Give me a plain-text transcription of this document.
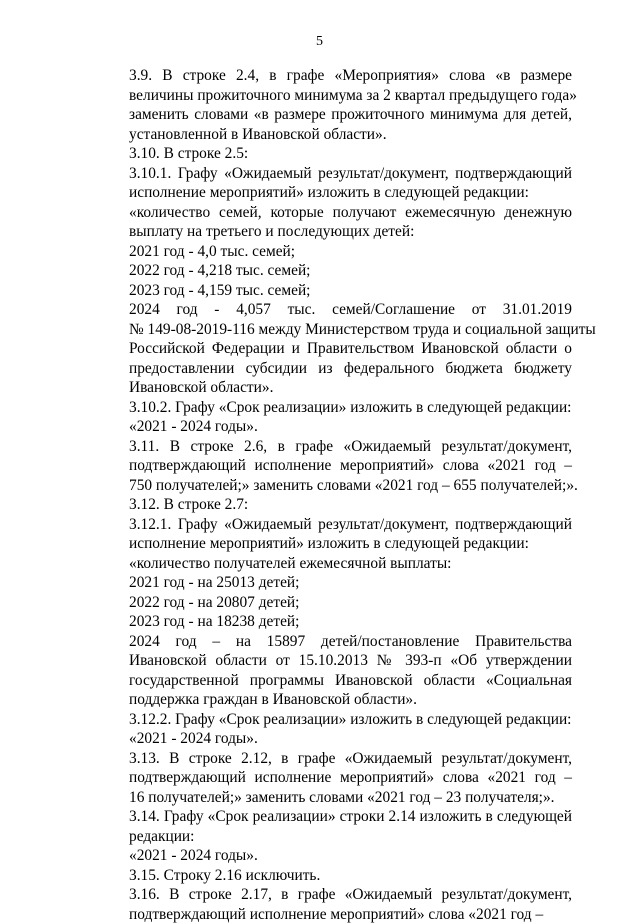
5
3.9. В строке 2.4, в графе «Мероприятия» слова «в размере
величины прожиточного минимума за 2 квартал предыдущего года»
заменить словами «в размере прожиточного минимума для детей,
установленной в Ивановской области».
3.10. В строке 2.5:
3.10.1. Графу «Ожидаемый результат/документ, подтверждающий
исполнение мероприятий» изложить в следующей редакции:
«количество семей, которые получают ежемесячную денежную
выплату на третьего и последующих детей:
2021 год - 4,0 тыс. семей;
2022 год - 4,218 тыс. семей;
2023 год - 4,159 тыс. семей;
2024 год - 4,057 тыс. семей/Соглашение от 31.01.2019
№ 149-08-2019-116 между Министерством труда и социальной защиты
Российской Федерации и Правительством Ивановской области о
предоставлении субсидии из федерального бюджета бюджету
Ивановской области».
3.10.2. Графу «Срок реализации» изложить в следующей редакции:
«2021 - 2024 годы».
3.11. В строке 2.6, в графе «Ожидаемый результат/документ,
подтверждающий исполнение мероприятий» слова «2021 год –
750 получателей;» заменить словами «2021 год – 655 получателей;».
3.12. В строке 2.7:
3.12.1. Графу «Ожидаемый результат/документ, подтверждающий
исполнение мероприятий» изложить в следующей редакции:
«количество получателей ежемесячной выплаты:
2021 год - на 25013 детей;
2022 год - на 20807 детей;
2023 год - на 18238 детей;
2024 год – на 15897 детей/постановление Правительства
Ивановской области от 15.10.2013 № 393-п «Об утверждении
государственной программы Ивановской области «Социальная
поддержка граждан в Ивановской области».
3.12.2. Графу «Срок реализации» изложить в следующей редакции:
«2021 - 2024 годы».
3.13. В строке 2.12, в графе «Ожидаемый результат/документ,
подтверждающий исполнение мероприятий» слова «2021 год –
16 получателей;» заменить словами «2021 год – 23 получателя;».
3.14. Графу «Срок реализации» строки 2.14 изложить в следующей
редакции:
«2021 - 2024 годы».
3.15. Строку 2.16 исключить.
3.16. В строке 2.17, в графе «Ожидаемый результат/документ,
подтверждающий исполнение мероприятий» слова «2021 год –
